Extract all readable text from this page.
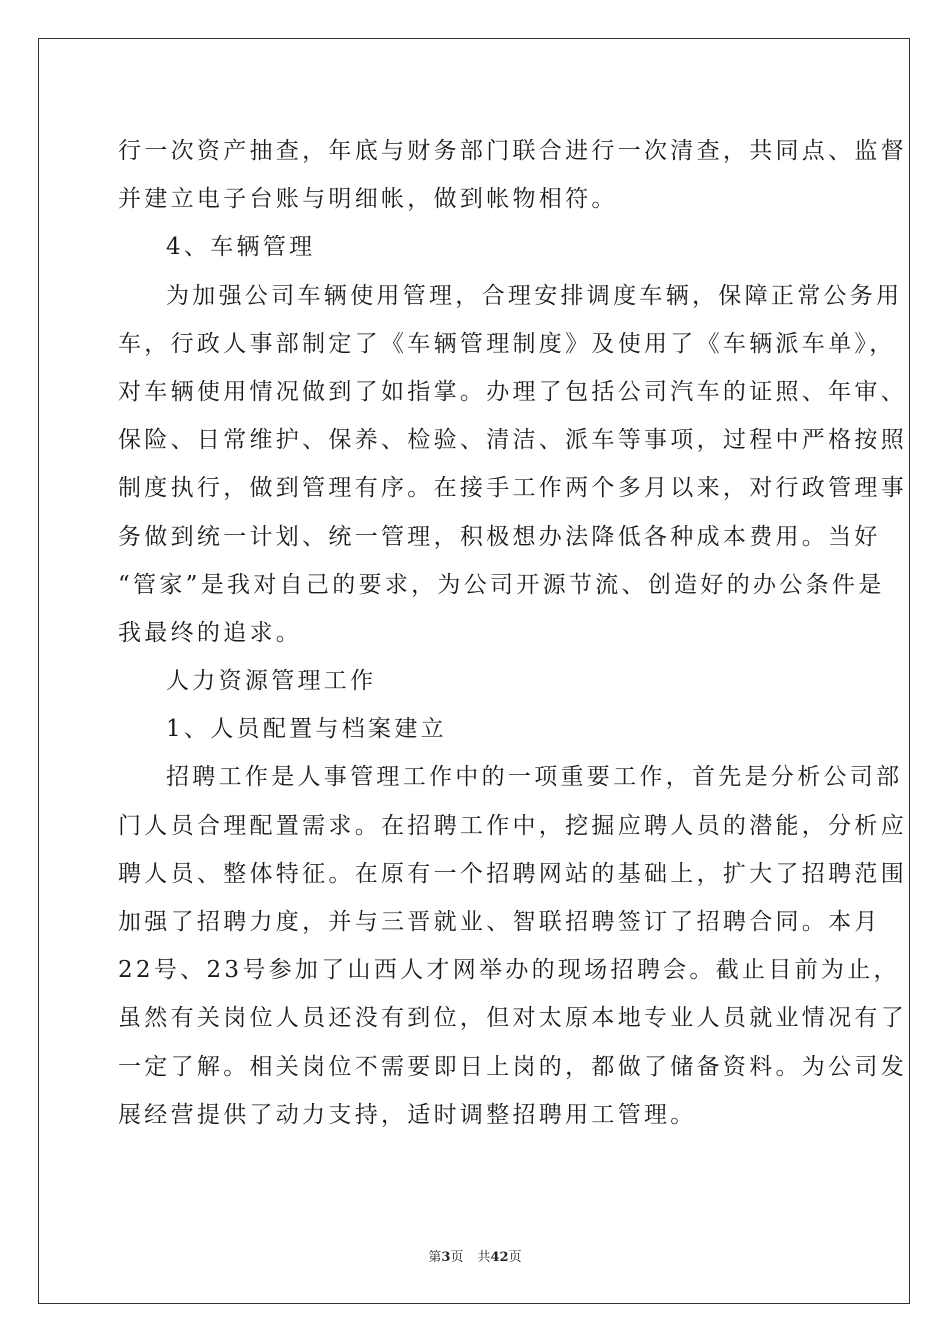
行一次资产抽查，年底与财务部门联合进行一次清查，共同点、监督
并建立电子台账与明细帐，做到帐物相符。
4、车辆管理
为加强公司车辆使用管理，合理安排调度车辆，保障正常公务用
车，行政人事部制定了《车辆管理制度》及使用了《车辆派车单》，
对车辆使用情况做到了如指掌。办理了包括公司汽车的证照、年审、
保险、日常维护、保养、检验、清洁、派车等事项，过程中严格按照
制度执行，做到管理有序。在接手工作两个多月以来，对行政管理事
务做到统一计划、统一管理，积极想办法降低各种成本费用。当好
“管家”是我对自己的要求，为公司开源节流、创造好的办公条件是
我最终的追求。
人力资源管理工作
1、人员配置与档案建立
招聘工作是人事管理工作中的一项重要工作，首先是分析公司部
门人员合理配置需求。在招聘工作中，挖掘应聘人员的潜能，分析应
聘人员、整体特征。在原有一个招聘网站的基础上，扩大了招聘范围
加强了招聘力度，并与三晋就业、智联招聘签订了招聘合同。本月
22号、23号参加了山西人才网举办的现场招聘会。截止目前为止，
虽然有关岗位人员还没有到位，但对太原本地专业人员就业情况有了
一定了解。相关岗位不需要即日上岗的，都做了储备资料。为公司发
展经营提供了动力支持，适时调整招聘用工管理。
第3页 共42页
